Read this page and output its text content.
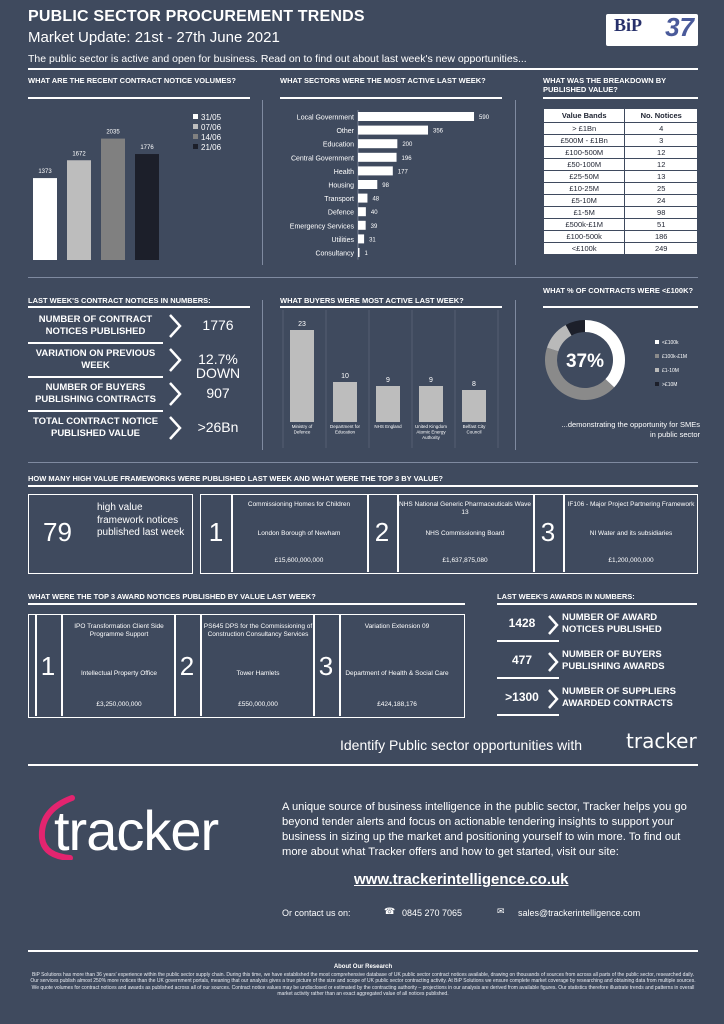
PUBLIC SECTOR PROCUREMENT TRENDS
Market Update: 21st - 27th June 2021
The public sector is active and open for business. Read on to find out about last week's new opportunities...
BiP 37
WHAT ARE THE RECENT CONTRACT NOTICE VOLUMES?
1373
1672
2035
1776
31/05
07/06
14/06
21/06
WHAT SECTORS WERE THE MOST ACTIVE LAST WEEK?
Local Government	590
Other	356
Education	200
Central Government	196
Health	177
Housing	98
Transport	48
Defence	40
Emergency Services	39
Utilities	31
Consultancy 1
WHAT WAS THE BREAKDOWN BY PUBLISHED VALUE?
Value Bands	No. Notices
> £1Bn	4
£500M - £1Bn	3
£100-500M	12
£50-100M	12
£25-50M	13
£10-25M	25
£5-10M	24
£1-5M	98
£500k-£1M	51
£100-500k	186
<£100k	249
LAST WEEK'S CONTRACT NOTICES IN NUMBERS:
NUMBER OF CONTRACT NOTICES PUBLISHED	1776
VARIATION ON PREVIOUS WEEK	12.7% DOWN
NUMBER OF BUYERS PUBLISHING CONTRACTS	907
TOTAL CONTRACT NOTICE PUBLISHED VALUE	>26Bn
WHAT BUYERS WERE MOST ACTIVE LAST WEEK?
23
Ministry of Defence
10
Department for Education
9
NHS England
9
United Kingdom Atomic Energy Authority
8
Belfast City Council
WHAT % OF CONTRACTS WERE <£100K?
37%
<£100k
£100k-£1M
£1-10M
>£10M
...demonstrating the opportunity for SMEs in public sector
HOW MANY HIGH VALUE FRAMEWORKS WERE PUBLISHED LAST WEEK AND WHAT WERE THE TOP 3 BY VALUE?
79
high value framework notices published last week 1
Commissioning Homes for Children
London Borough of Newham
£15,600,000,000
2
NHS National Generic Pharmaceuticals Wave 13
NHS Commissioning Board
£1,637,875,080
3
IF106 - Major Project Partnering Framework
NI Water and its subsidiaries
£1,200,000,000
WHAT WERE THE TOP 3 AWARD NOTICES PUBLISHED BY VALUE LAST WEEK?
1
IPO Transformation Client Side Programme Support
Intellectual Property Office
£3,250,000,000
2
PS645 DPS for the Commissioning of Construction Consultancy Services
Tower Hamlets
£550,000,000
3
Variation Extension 09
Department of Health & Social Care
£424,188,176
LAST WEEK'S AWARDS IN NUMBERS:
1428	NUMBER OF AWARD NOTICES PUBLISHED
477	NUMBER OF BUYERS PUBLISHING AWARDS
>1300	NUMBER OF SUPPLIERS AWARDED CONTRACTS
Identify Public sector opportunities with tracker
tracker	A unique source of business intelligence in the public sector, Tracker helps you go beyond tender alerts and focus on actionable tendering insights to support your business in sizing up the market and positioning yourself to win more. To find out more about what Tracker offers and how to get started, visit our site:
www.trackerintelligence.co.uk
Or contact us on:	☎ 0845 270 7065	✉ sales@trackerintelligence.com
About Our Research
BiP Solutions has more than 36 years' experience within the public sector supply chain. During this time, we have established the most comprehensive database of UK public sector contract notices available, drawing on thousands of sources from across all parts of the public sector, researched daily. Our services publish almost 250% more notices than the UK government portals, meaning that our analysis gives a true picture of the size and scope of UK public sector contracting activity. At BiP Solutions we ensure complete market coverage by researching and obtaining data from multiple sources. We quote volumes for contract notices and awards as published across all of our sources. Contract notice values may be undisclosed or estimated by the contracting authority – projections in our analysis are derived from available figures. Our statistics therefore illustrate trends and patterns in overall market activity rather than an exact aggregated value of all notices published.
